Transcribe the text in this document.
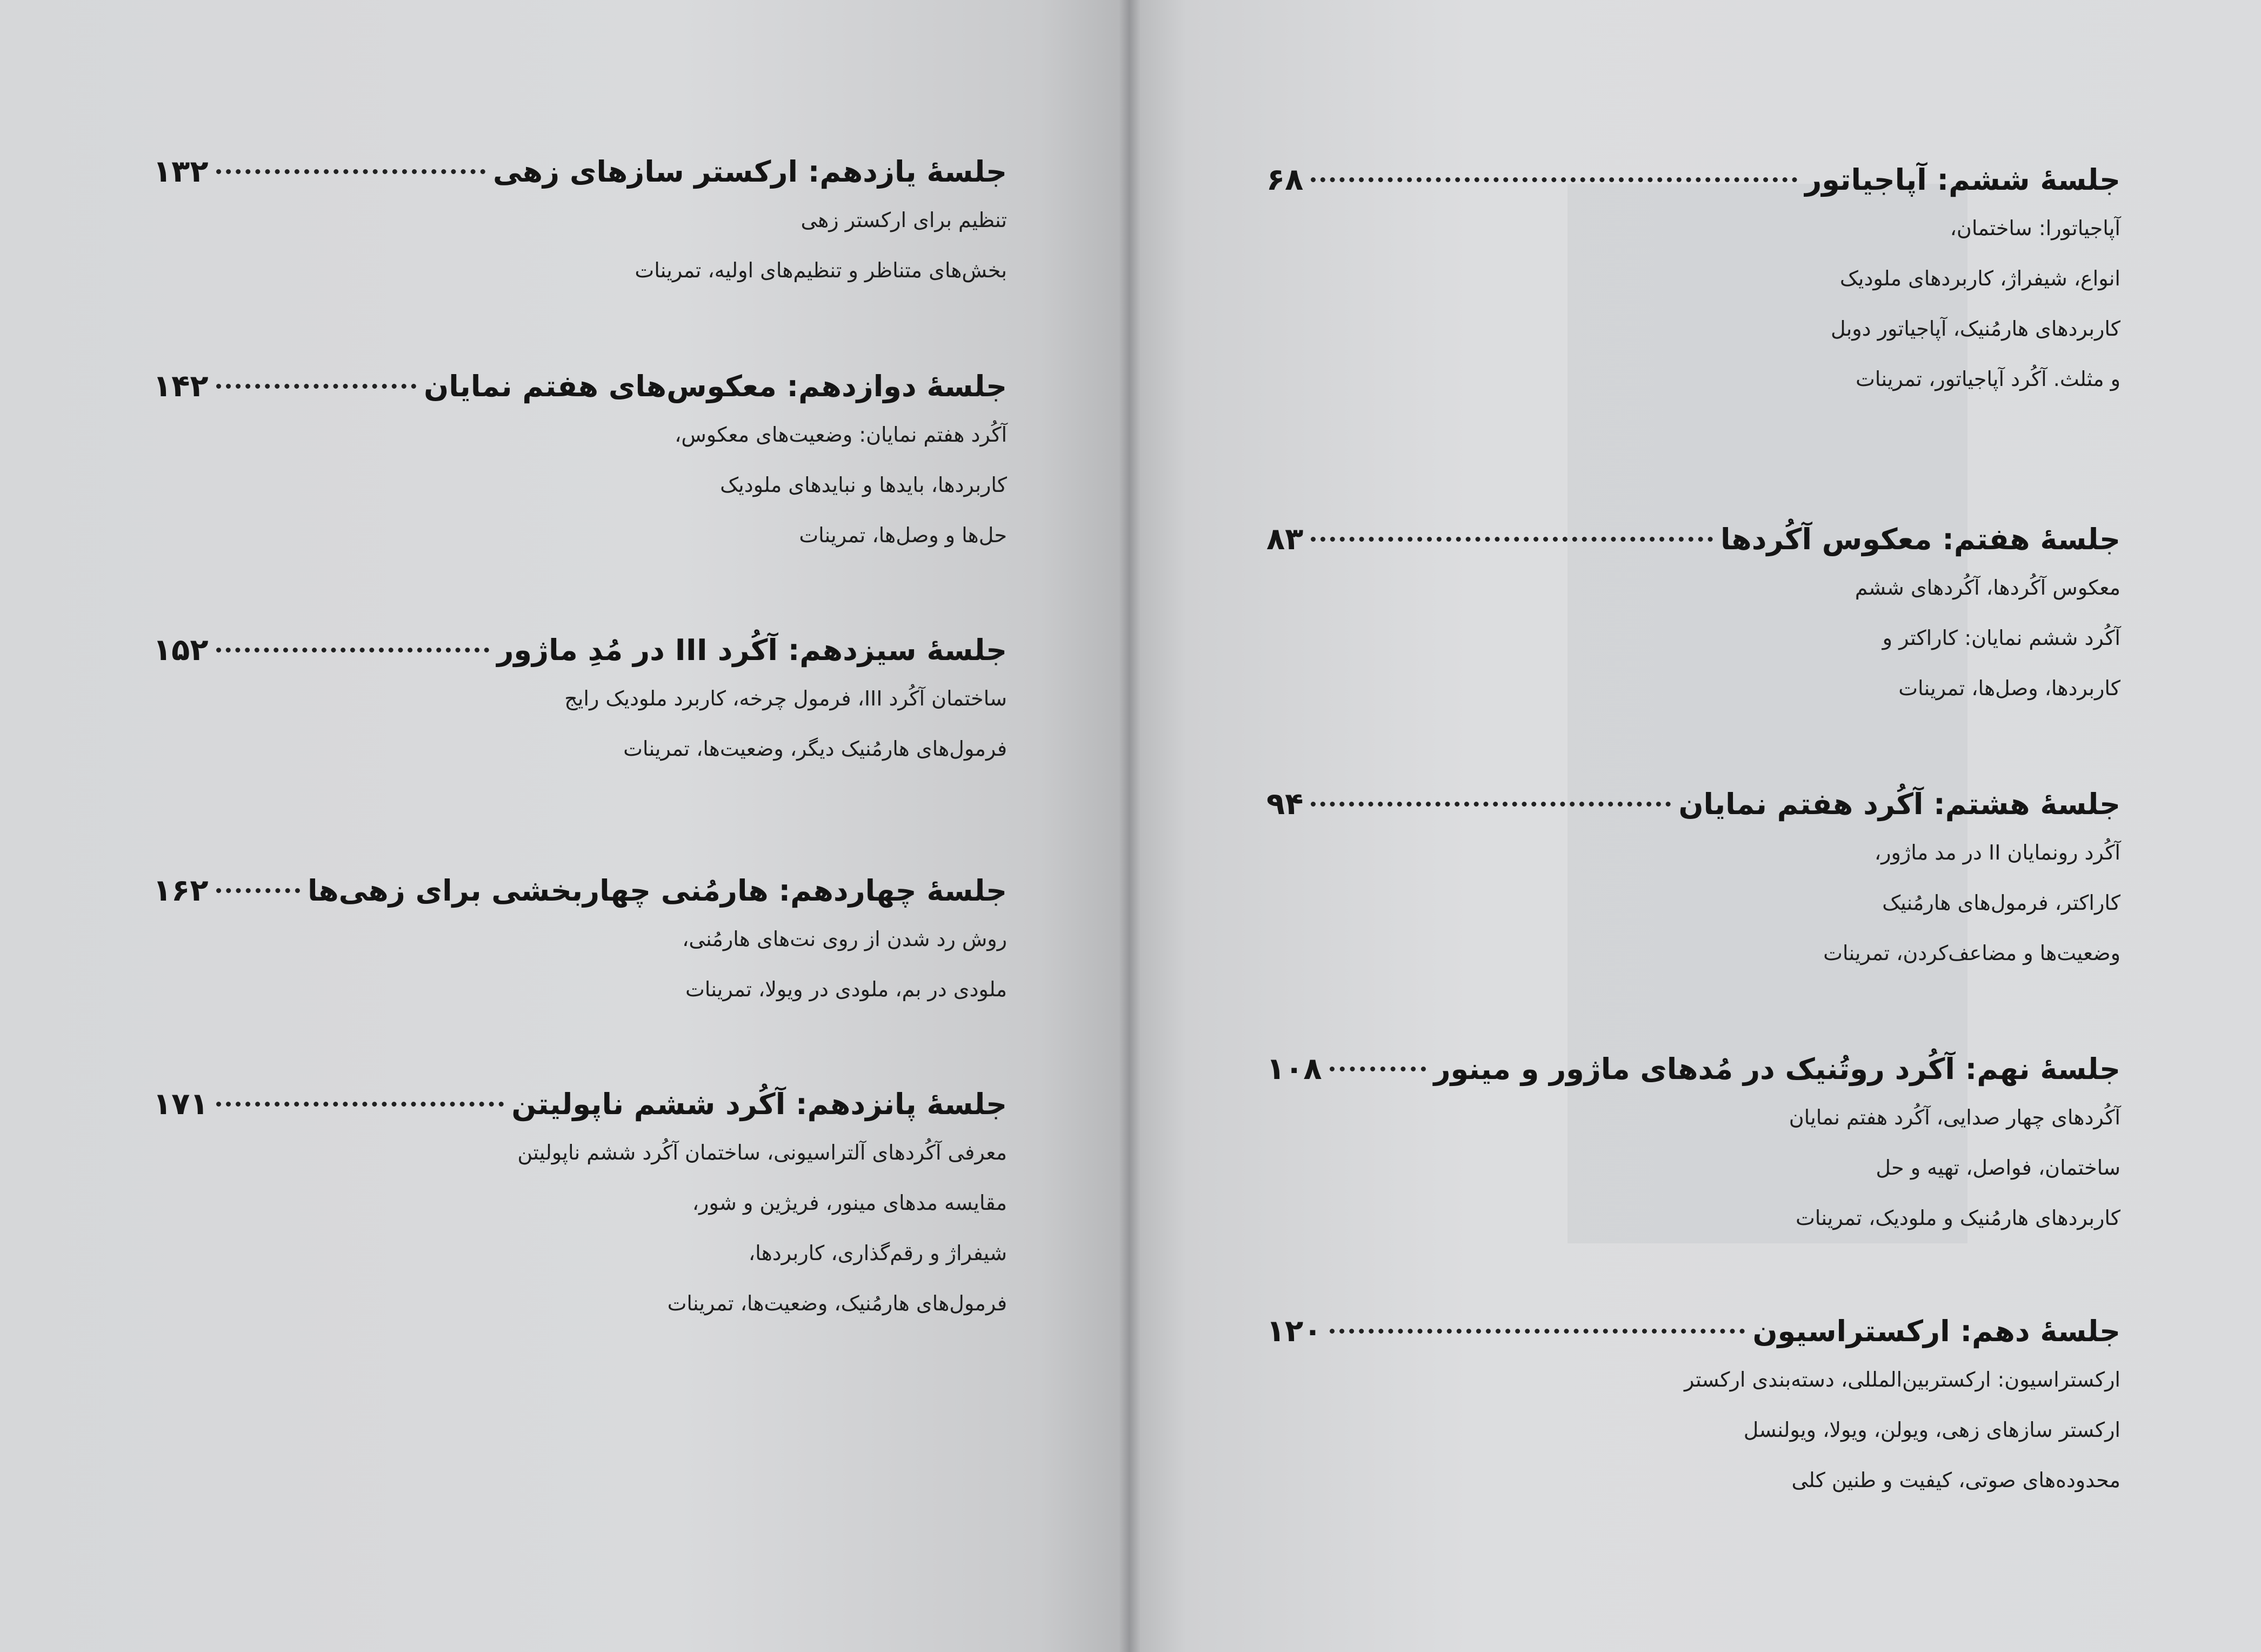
جلسهٔ یازدهم: ارکستر سازهای زهی
۱۳۲
تنظیم برای ارکستر زهی
بخش‌های متناظر و تنظیم‌های اولیه، تمرینات
جلسهٔ دوازدهم: معکوس‌های هفتم نمایان
۱۴۲
آکُرد هفتم نمایان: وضعیت‌های معکوس،
کاربردها، بایدها و نبایدهای ملودیک
حل‌ها و وصل‌ها، تمرینات
جلسهٔ سیزدهم: آکُرد III در مُدِ ماژور
۱۵۲
ساختمان آکُرد III، فرمول چرخه، کاربرد ملودیک رایج
فرمول‌های هارمُنیک دیگر، وضعیت‌ها، تمرینات
جلسهٔ چهاردهم: هارمُنی چهاربخشی برای زهی‌ها
۱۶۲
روش رد شدن از روی نت‌های هارمُنی،
ملودی در بم، ملودی در ویولا، تمرینات
جلسهٔ پانزدهم: آکُرد ششم ناپولیتن
۱۷۱
معرفی آکُردهای آلتراسیونی، ساختمان آکُرد ششم ناپولیتن
مقایسه مدهای مینور، فریژین و شور،
شیفراژ و رقم‌گذاری، کاربردها،
فرمول‌های هارمُنیک، وضعیت‌ها، تمرینات
جلسهٔ ششم: آپاجیاتور
۶۸
آپاجیاتورا: ساختمان،
انواع، شیفراژ، کاربردهای ملودیک
کاربردهای هارمُنیک، آپاجیاتور دوبل
و مثلث. آکُرد آپاجیاتور، تمرینات
جلسهٔ هفتم: معکوس آکُردها
۸۳
معکوس آکُردها، آکُردهای ششم
آکُرد ششم نمایان: کاراکتر و
کاربردها، وصل‌ها، تمرینات
جلسهٔ هشتم: آکُرد هفتم نمایان
۹۴
آکُرد رونمایان II در مد ماژور،
کاراکتر، فرمول‌های هارمُنیک
وضعیت‌ها و مضاعف‌کردن، تمرینات
جلسهٔ نهم: آکُرد روتُنیک در مُدهای ماژور و مینور
۱۰۸
آکُردهای چهار صدایی، آکُرد هفتم نمایان
ساختمان، فواصل، تهیه و حل
کاربردهای هارمُنیک و ملودیک، تمرینات
جلسهٔ دهم: ارکستراسیون
۱۲۰
ارکستراسیون: ارکستربین‌المللی، دسته‌بندی ارکستر
ارکستر سازهای زهی، ویولن، ویولا، ویولنسل
محدوده‌های صوتی، کیفیت و طنین کلی
